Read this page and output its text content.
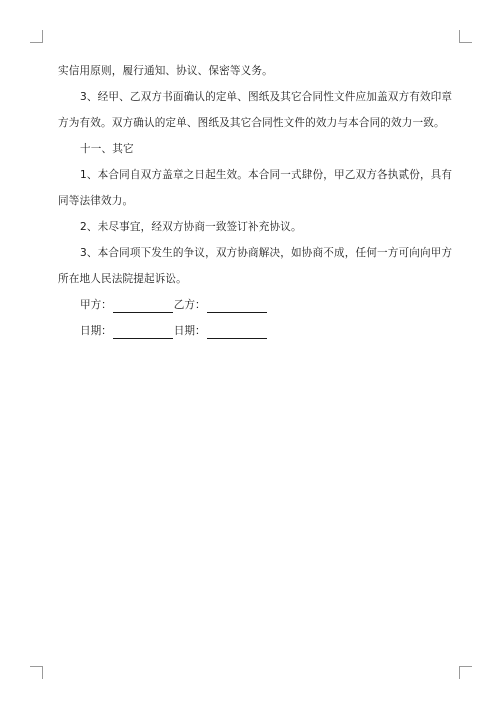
实信用原则，履行通知、协议、保密等义务。

3、经甲、乙双方书面确认的定单、图纸及其它合同性文件应加盖双方有效印章

方为有效。双方确认的定单、图纸及其它合同性文件的效力与本合同的效力一致。

十一、其它

1、本合同自双方盖章之日起生效。本合同一式肆份，甲乙双方各执贰份，具有

同等法律效力。

2、未尽事宜，经双方协商一致签订补充协议。

3、本合同项下发生的争议，双方协商解决，如协商不成，任何一方可向向甲方

所在地人民法院提起诉讼。

甲方：	乙方：
日期：	日期：
